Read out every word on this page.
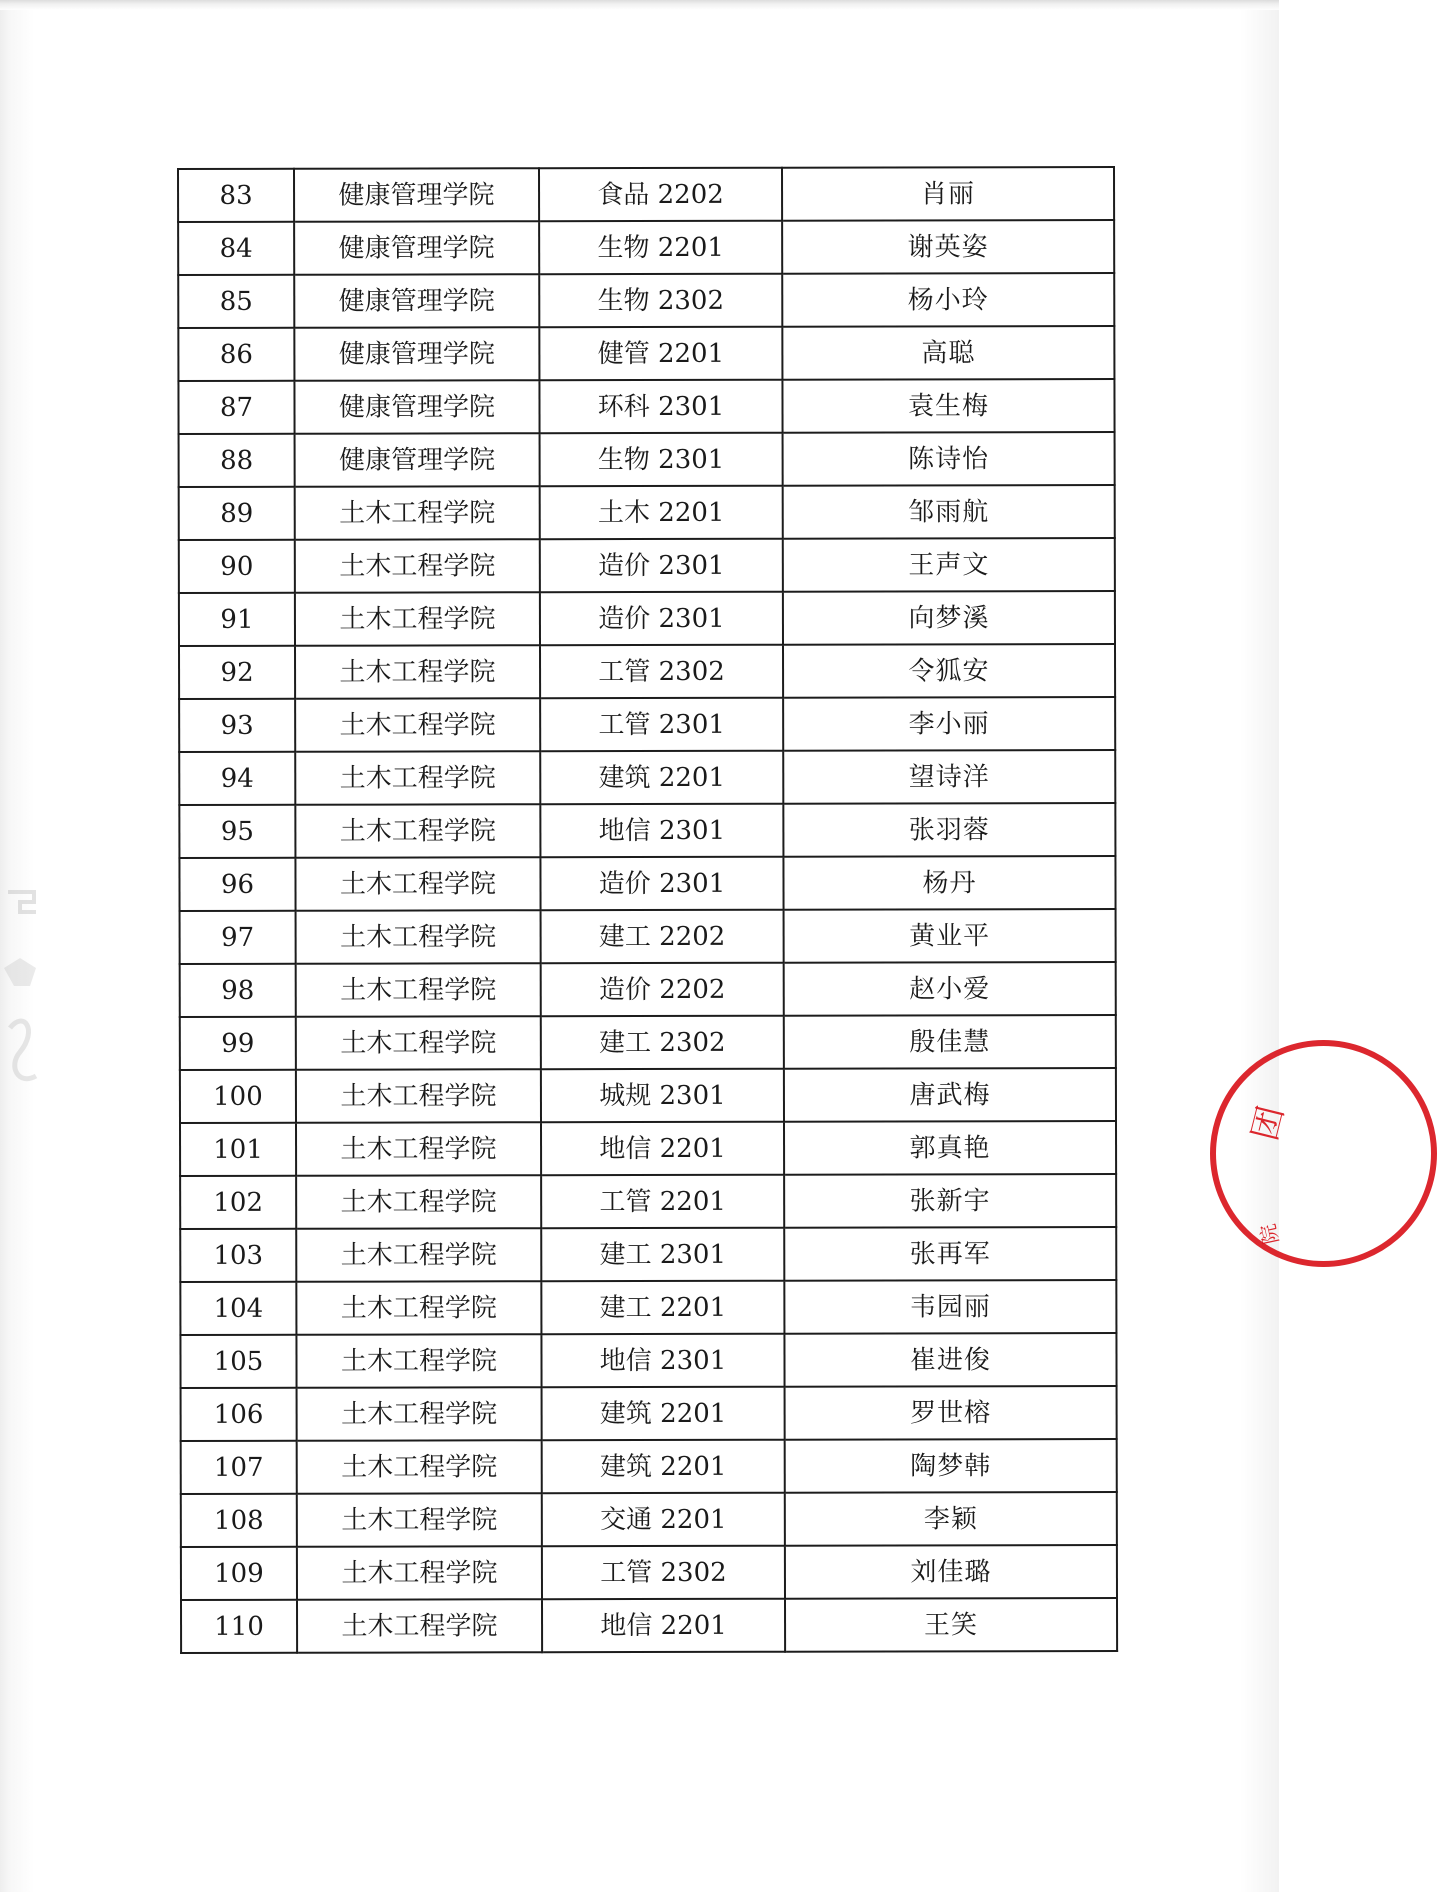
83	健康管理学院	食品 2202	肖丽
84	健康管理学院	生物 2201	谢英姿
85	健康管理学院	生物 2302	杨小玲
86	健康管理学院	健管 2201	高聪
87	健康管理学院	环科 2301	袁生梅
88	健康管理学院	生物 2301	陈诗怡
89	土木工程学院	土木 2201	邹雨航
90	土木工程学院	造价 2301	王声文
91	土木工程学院	造价 2301	向梦溪
92	土木工程学院	工管 2302	令狐安
93	土木工程学院	工管 2301	李小丽
94	土木工程学院	建筑 2201	望诗洋
95	土木工程学院	地信 2301	张羽蓉
96	土木工程学院	造价 2301	杨丹
97	土木工程学院	建工 2202	黄业平
98	土木工程学院	造价 2202	赵小爱
99	土木工程学院	建工 2302	殷佳慧
100	土木工程学院	城规 2301	唐武梅
101	土木工程学院	地信 2201	郭真艳
102	土木工程学院	工管 2201	张新宇
103	土木工程学院	建工 2301	张再军
104	土木工程学院	建工 2201	韦园丽
105	土木工程学院	地信 2301	崔进俊
106	土木工程学院	建筑 2201	罗世榕
107	土木工程学院	建筑 2201	陶梦韩
108	土木工程学院	交通 2201	李颖
109	土木工程学院	工管 2302	刘佳璐
110	土木工程学院	地信 2201	王笑
团
院
